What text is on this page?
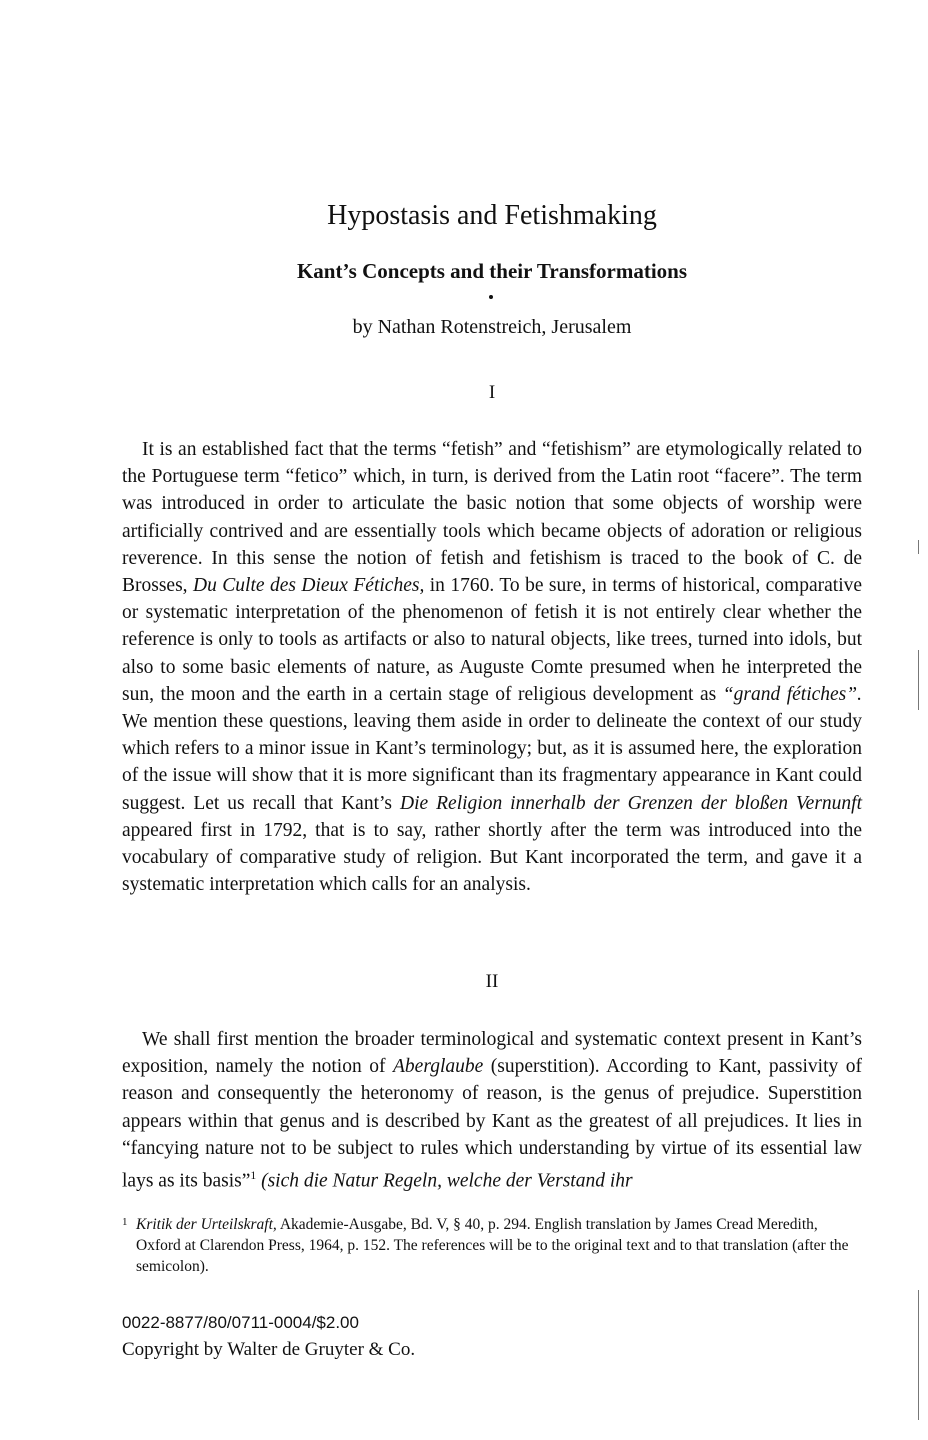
Hypostasis and Fetishmaking
Kant’s Concepts and their Transformations

by Nathan Rotenstreich, Jerusalem

I

It is an established fact that the terms “fetish” and “fetishism” are etymologically related to the Portuguese term “fetico” which, in turn, is derived from the Latin root “facere”. The term was introduced in order to articulate the basic notion that some objects of worship were artificially contrived and are essentially tools which became objects of adoration or religious reverence. In this sense the notion of fetish and fetishism is traced to the book of C. de Brosses, Du Culte des Dieux Fétiches, in 1760. To be sure, in terms of historical, comparative or systematic interpretation of the phenomenon of fetish it is not entirely clear whether the reference is only to tools as artifacts or also to natural objects, like trees, turned into idols, but also to some basic elements of nature, as Auguste Comte presumed when he interpreted the sun, the moon and the earth in a certain stage of religious development as “grand fétiches”. We mention these questions, leaving them aside in order to delineate the context of our study which refers to a minor issue in Kant’s terminology; but, as it is assumed here, the exploration of the issue will show that it is more significant than its fragmentary appearance in Kant could suggest. Let us recall that Kant’s Die Religion innerhalb der Grenzen der bloßen Vernunft appeared first in 1792, that is to say, rather shortly after the term was introduced into the vocabulary of comparative study of religion. But Kant incorporated the term, and gave it a systematic interpretation which calls for an analysis.

II

We shall first mention the broader terminological and systematic context present in Kant’s exposition, namely the notion of Aberglaube (superstition). According to Kant, passivity of reason and consequently the heteronomy of reason, is the genus of prejudice. Superstition appears within that genus and is described by Kant as the greatest of all prejudices. It lies in “fancying nature not to be subject to rules which understanding by virtue of its essential law lays as its basis”$^1$ (sich die Natur Regeln, welche der Verstand ihr

1 Kritik der Urteilskraft, Akademie-Ausgabe, Bd. V, § 40, p. 294. English translation by James Cread Meredith, Oxford at Clarendon Press, 1964, p. 152. The references will be to the original text and to that translation (after the semicolon).

0022-8877/80/0711-0004/$2.00

Copyright by Walter de Gruyter & Co.
